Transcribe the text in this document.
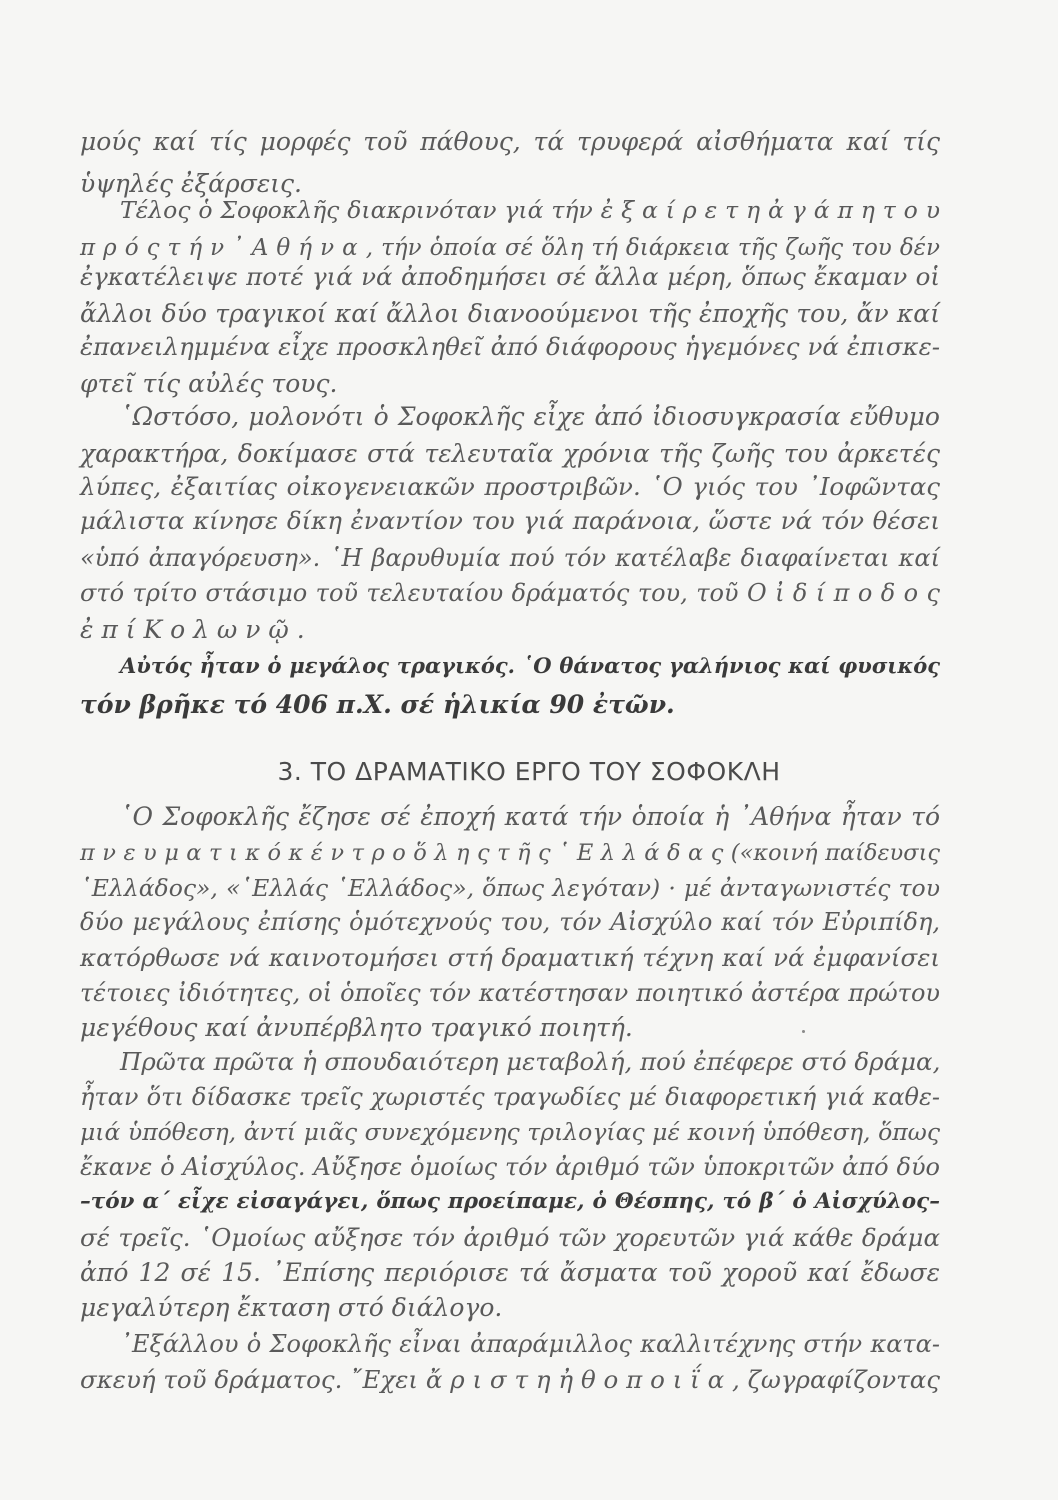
μούς καί τίς μορφές τοῦ πάθους, τά τρυφερά αἰσθήματα καί τίς
ὑψηλές ἐξάρσεις.
Τέλος ὁ Σοφοκλῆς διακρινόταν γιά τήν ἐ ξ α ί ρ ε τ η ἀ γ ά π η τ ο υ
π ρ ό ς τ ή ν ᾿ Α θ ή ν α , τήν ὁποία σέ ὅλη τή διάρκεια τῆς ζωῆς του δέν
ἐγκατέλειψε ποτέ γιά νά ἀποδημήσει σέ ἄλλα μέρη, ὅπως ἔκαμαν οἱ
ἄλλοι δύο τραγικοί καί ἄλλοι διανοούμενοι τῆς ἐποχῆς του, ἄν καί
ἐπανειλημμένα εἶχε προσκληθεῖ ἀπό διάφορους ἡγεμόνες νά ἐπισκε-
φτεῖ τίς αὐλές τους.
῾Ωστόσο, μολονότι ὁ Σοφοκλῆς εἶχε ἀπό ἰδιοσυγκρασία εὔθυμο
χαρακτήρα, δοκίμασε στά τελευταῖα χρόνια τῆς ζωῆς του ἀρκετές
λύπες, ἐξαιτίας οἰκογενειακῶν προστριβῶν. ῾Ο γιός του ᾿Ιοφῶντας
μάλιστα κίνησε δίκη ἐναντίον του γιά παράνοια, ὥστε νά τόν θέσει
«ὑπό ἀπαγόρευση». ῾Η βαρυθυμία πού τόν κατέλαβε διαφαίνεται καί
στό τρίτο στάσιμο τοῦ τελευταίου δράματός του, τοῦ Ο ἰ δ ί π ο δ ο ς
ἐ π ί Κ ο λ ω ν ῷ .
Αὐτός ἦταν ὁ μεγάλος τραγικός. ῾Ο θάνατος γαλήνιος καί φυσικός
τόν βρῆκε τό 406 π.Χ. σέ ἡλικία 90 ἐτῶν.
3. ΤΟ ΔΡΑΜΑΤΙΚΟ ΕΡΓΟ ΤΟΥ ΣΟΦΟΚΛΗ
῾Ο Σοφοκλῆς ἔζησε σέ ἐποχή κατά τήν ὁποία ἡ ᾿Αθήνα ἦταν τό
π ν ε υ μ α τ ι κ ό κ έ ν τ ρ ο ὅ λ η ς τ ῆ ς ῾ Ε λ λ ά δ α ς («κοινή παίδευσις
῾Ελλάδος», «῾Ελλάς ῾Ελλάδος», ὅπως λεγόταν) · μέ ἀνταγωνιστές του
δύο μεγάλους ἐπίσης ὁμότεχνούς του, τόν Αἰσχύλο καί τόν Εὐριπίδη,
κατόρθωσε νά καινοτομήσει στή δραματική τέχνη καί νά ἐμφανίσει
τέτοιες ἰδιότητες, οἱ ὁποῖες τόν κατέστησαν ποιητικό ἀστέρα πρώτου
μεγέθους καί ἀνυπέρβλητο τραγικό ποιητή.
Πρῶτα πρῶτα ἡ σπουδαιότερη μεταβολή, πού ἐπέφερε στό δράμα,
ἦταν ὅτι δίδασκε τρεῖς χωριστές τραγωδίες μέ διαφορετική γιά καθε-
μιά ὑπόθεση, ἀντί μιᾶς συνεχόμενης τριλογίας μέ κοινή ὑπόθεση, ὅπως
ἔκανε ὁ Αἰσχύλος. Αὔξησε ὁμοίως τόν ἀριθμό τῶν ὑποκριτῶν ἀπό δύο
–τόν α΄ εἶχε εἰσαγάγει, ὅπως προείπαμε, ὁ Θέσπης, τό β΄ ὁ Αἰσχύλος–
σέ τρεῖς. ῾Ομοίως αὔξησε τόν ἀριθμό τῶν χορευτῶν γιά κάθε δράμα
ἀπό 12 σέ 15. ᾿Επίσης περιόρισε τά ἄσματα τοῦ χοροῦ καί ἔδωσε
μεγαλύτερη ἔκταση στό διάλογο.
᾿Εξάλλου ὁ Σοφοκλῆς εἶναι ἀπαράμιλλος καλλιτέχνης στήν κατα-
σκευή τοῦ δράματος. ῎Εχει ἄ ρ ι σ τ η ἠ θ ο π ο ι ΐ α , ζωγραφίζοντας
